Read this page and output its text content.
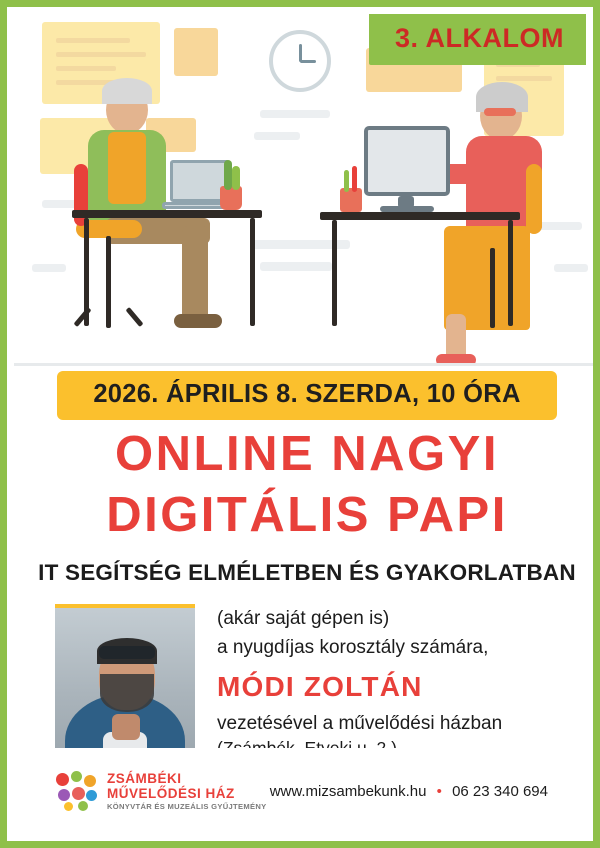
3. ALKALOM
2026. ÁPRILIS 8. SZERDA, 10 ÓRA
ONLINE NAGYI
DIGITÁLIS PAPI
IT SEGÍTSÉG ELMÉLETBEN ÉS GYAKORLATBAN
(akár saját gépen is)
a nyugdíjas korosztály számára,
MÓDI ZOLTÁN
vezetésével a művelődési házban
ZSÁMBÉKI
MŰVELŐDÉSI HÁZ
KÖNYVTÁR ÉS MUZEÁLIS GYŰJTEMÉNY
www.mizsambekunk.hu • 06 23 340 694
